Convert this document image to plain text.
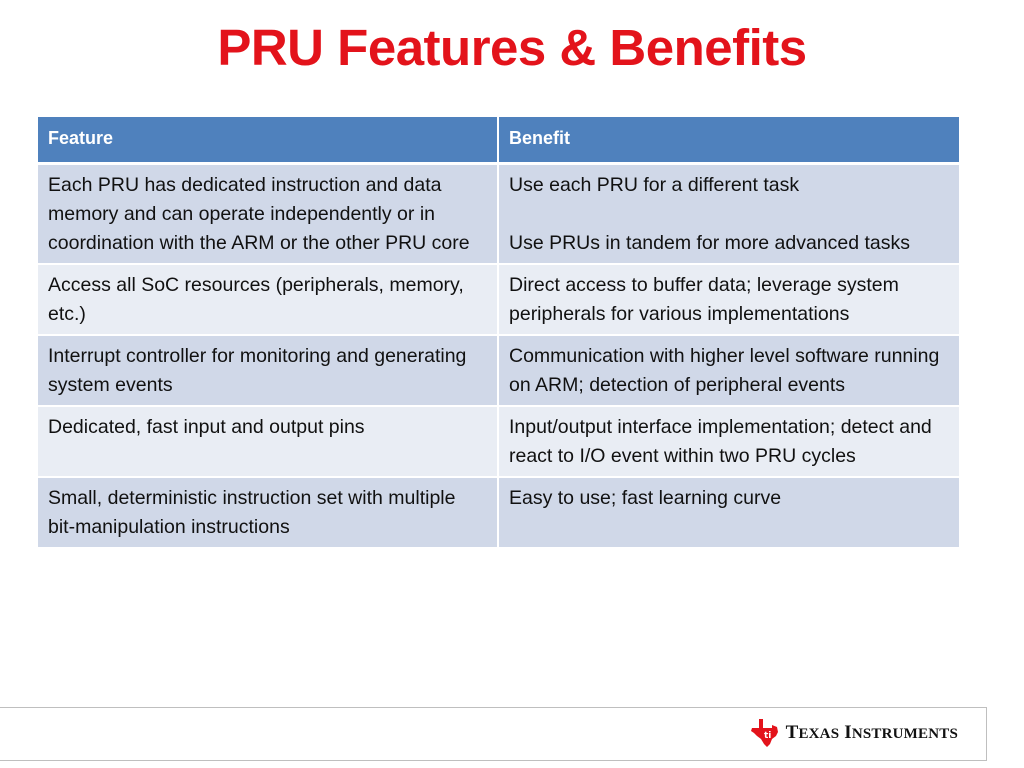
PRU Features & Benefits
Feature	Benefit
Each PRU has dedicated instruction and data memory and can operate independently or in coordination with the ARM or the other PRU core	Use each PRU for a different task
Use PRUs in tandem for more advanced tasks

Access all SoC resources (peripherals, memory, etc.)	Direct access to buffer data; leverage system peripherals for various implementations
Interrupt controller for monitoring and generating system events	Communication with higher level software running on ARM; detection of peripheral events
Dedicated, fast input and output pins	Input/output interface implementation; detect and react to I/O event within two PRU cycles
Small, deterministic instruction set with multiple bit-manipulation instructions	Easy to use; fast learning curve
ti TEXAS INSTRUMENTS
